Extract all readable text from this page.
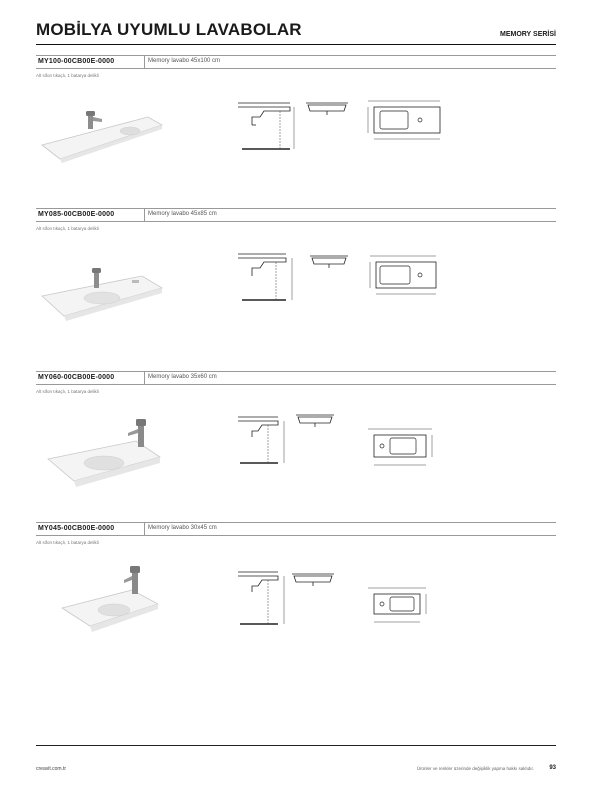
MOBİLYA UYUMLU LAVABOLAR	MEMORY SERİSİ
MY100-00CB00E-0000	Memory lavabo 45x100 cm
Alt sifon tıkaçlı, 1 batarya delikli
MY085-00CB00E-0000	Memory lavabo 45x85 cm
Alt sifon tıkaçlı, 1 batarya delikli
MY060-00CB00E-0000	Memory lavabo 35x60 cm
Alt sifon tıkaçlı, 1 batarya delikli
MY045-00CB00E-0000	Memory lavabo 30x45 cm
Alt sifon tıkaçlı, 1 batarya delikli
creavit.com.tr	Ürünler ve renkler üzerinde değişiklik yapma hakkı saklıdır.	93
